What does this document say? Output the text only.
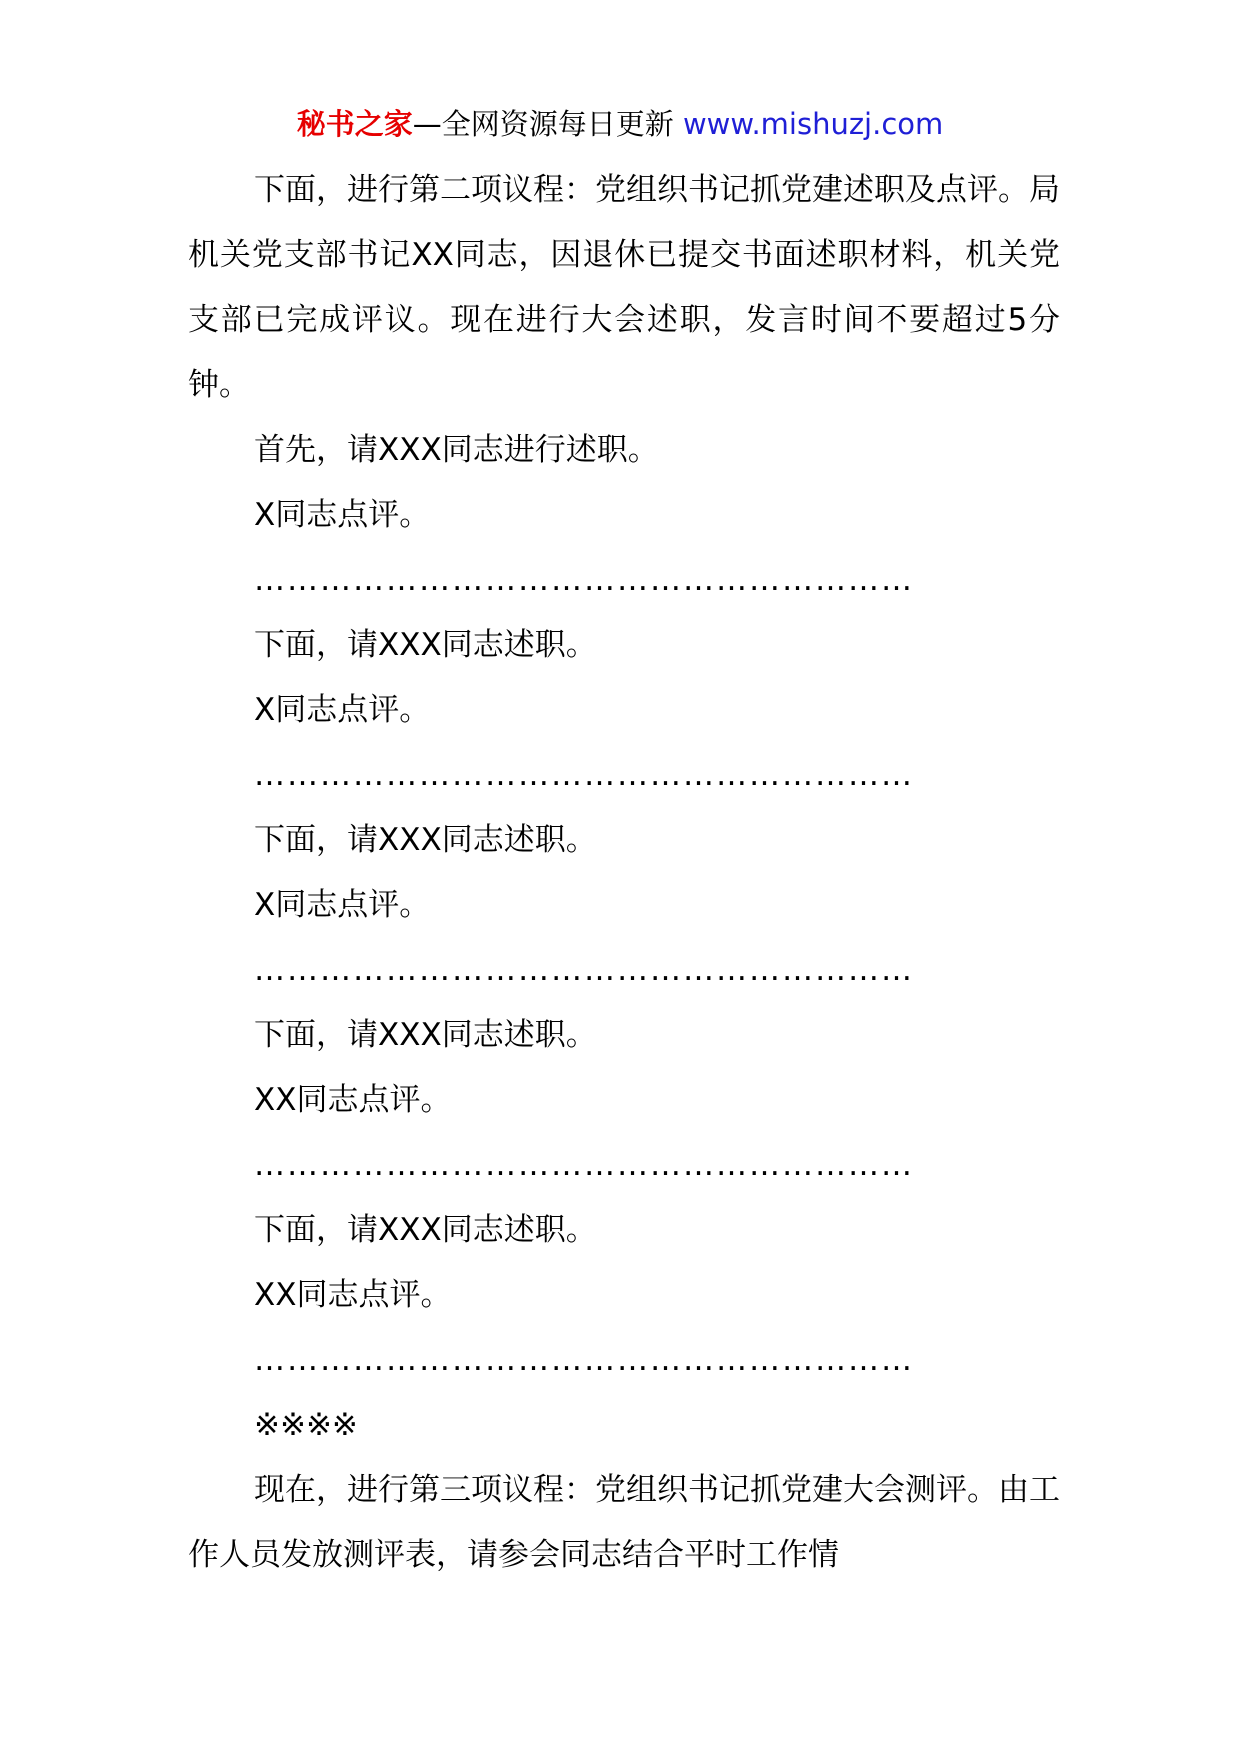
秘书之家—全网资源每日更新 www.mishuzj.com

下面，进行第二项议程：党组织书记抓党建述职及点评。局机关党支部书记XX同志，因退休已提交书面述职材料，机关党支部已完成评议。现在进行大会述职，发言时间不要超过5分钟。

首先，请XXX同志进行述职。

X同志点评。

……………………………………………………

下面，请XXX同志述职。

X同志点评。

……………………………………………………

下面，请XXX同志述职。

X同志点评。

……………………………………………………

下面，请XXX同志述职。

XX同志点评。

……………………………………………………

下面，请XXX同志述职。

XX同志点评。

……………………………………………………

※※※※

现在，进行第三项议程：党组织书记抓党建大会测评。由工作人员发放测评表，请参会同志结合平时工作情
